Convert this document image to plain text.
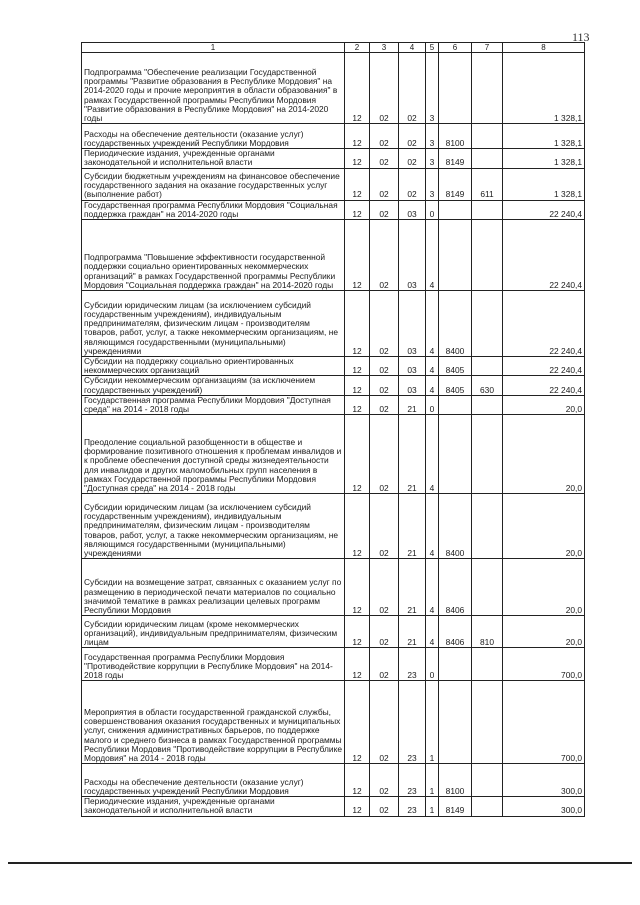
113
1	2	3	4	5	6	7	8
Подпрограмма "Обеспечение реализации Государственной программы "Развитие образования в Республике Мордовия" на 2014-2020 годы и прочие мероприятия в области образования" в рамках Государственной программы Республики Мордовия "Развитие образования в Республике Мордовия" на 2014-2020 годы	12	02	02	3			1 328,1
Расходы на обеспечение деятельности (оказание услуг) государственных учреждений Республики Мордовия	12	02	02	3	8100		1 328,1
Периодические издания, учрежденные органами законодательной и исполнительной власти	12	02	02	3	8149		1 328,1
Субсидии бюджетным учреждениям на финансовое обеспечение государственного задания на оказание государственных услуг (выполнение работ)	12	02	02	3	8149	611	1 328,1
Государственная программа Республики Мордовия "Социальная поддержка граждан" на 2014-2020 годы	12	02	03	0			22 240,4
Подпрограмма "Повышение эффективности государственной поддержки социально ориентированных некоммерческих организаций" в рамках Государственной программы Республики Мордовия "Социальная поддержка граждан" на 2014-2020 годы	12	02	03	4			22 240,4
Субсидии юридическим лицам (за исключением субсидий государственным учреждениям), индивидуальным предпринимателям, физическим лицам - производителям товаров, работ, услуг, а также некоммерческим организациям, не являющимся государственными (муниципальными) учреждениями	12	02	03	4	8400		22 240,4
Субсидии на поддержку социально ориентированных некоммерческих организаций	12	02	03	4	8405		22 240,4
Субсидии некоммерческим организациям (за исключением государственных учреждений)	12	02	03	4	8405	630	22 240,4
Государственная программа Республики Мордовия "Доступная среда" на 2014 - 2018 годы	12	02	21	0			20,0
Преодоление социальной разобщенности в обществе и формирование позитивного отношения к проблемам инвалидов и к проблеме обеспечения доступной среды жизнедеятельности для инвалидов и других маломобильных групп населения в рамках Государственной программы Республики Мордовия "Доступная среда" на 2014 - 2018 годы	12	02	21	4			20,0
Субсидии юридическим лицам (за исключением субсидий государственным учреждениям), индивидуальным предпринимателям, физическим лицам - производителям товаров, работ, услуг, а также некоммерческим организациям, не являющимся государственными (муниципальными) учреждениями	12	02	21	4	8400		20,0
Субсидии на возмещение затрат, связанных с оказанием услуг по размещению в периодической печати материалов по социально значимой тематике в рамках реализации целевых программ Республики Мордовия	12	02	21	4	8406		20,0
Субсидии юридическим лицам (кроме некоммерческих организаций), индивидуальным предпринимателям, физическим лицам	12	02	21	4	8406	810	20,0
Государственная программа Республики Мордовия "Противодействие коррупции в Республике Мордовия" на 2014-2018 годы	12	02	23	0			700,0
Мероприятия в области государственной гражданской службы, совершенствования оказания государственных и муниципальных услуг, снижения административных барьеров, по поддержке малого и среднего бизнеса в рамках Государственной программы Республики Мордовия "Противодействие коррупции в Республике Мордовия" на 2014 - 2018 годы	12	02	23	1			700,0
Расходы на обеспечение деятельности (оказание услуг) государственных учреждений Республики Мордовия	12	02	23	1	8100		300,0
Периодические издания, учрежденные органами законодательной и исполнительной власти	12	02	23	1	8149		300,0
